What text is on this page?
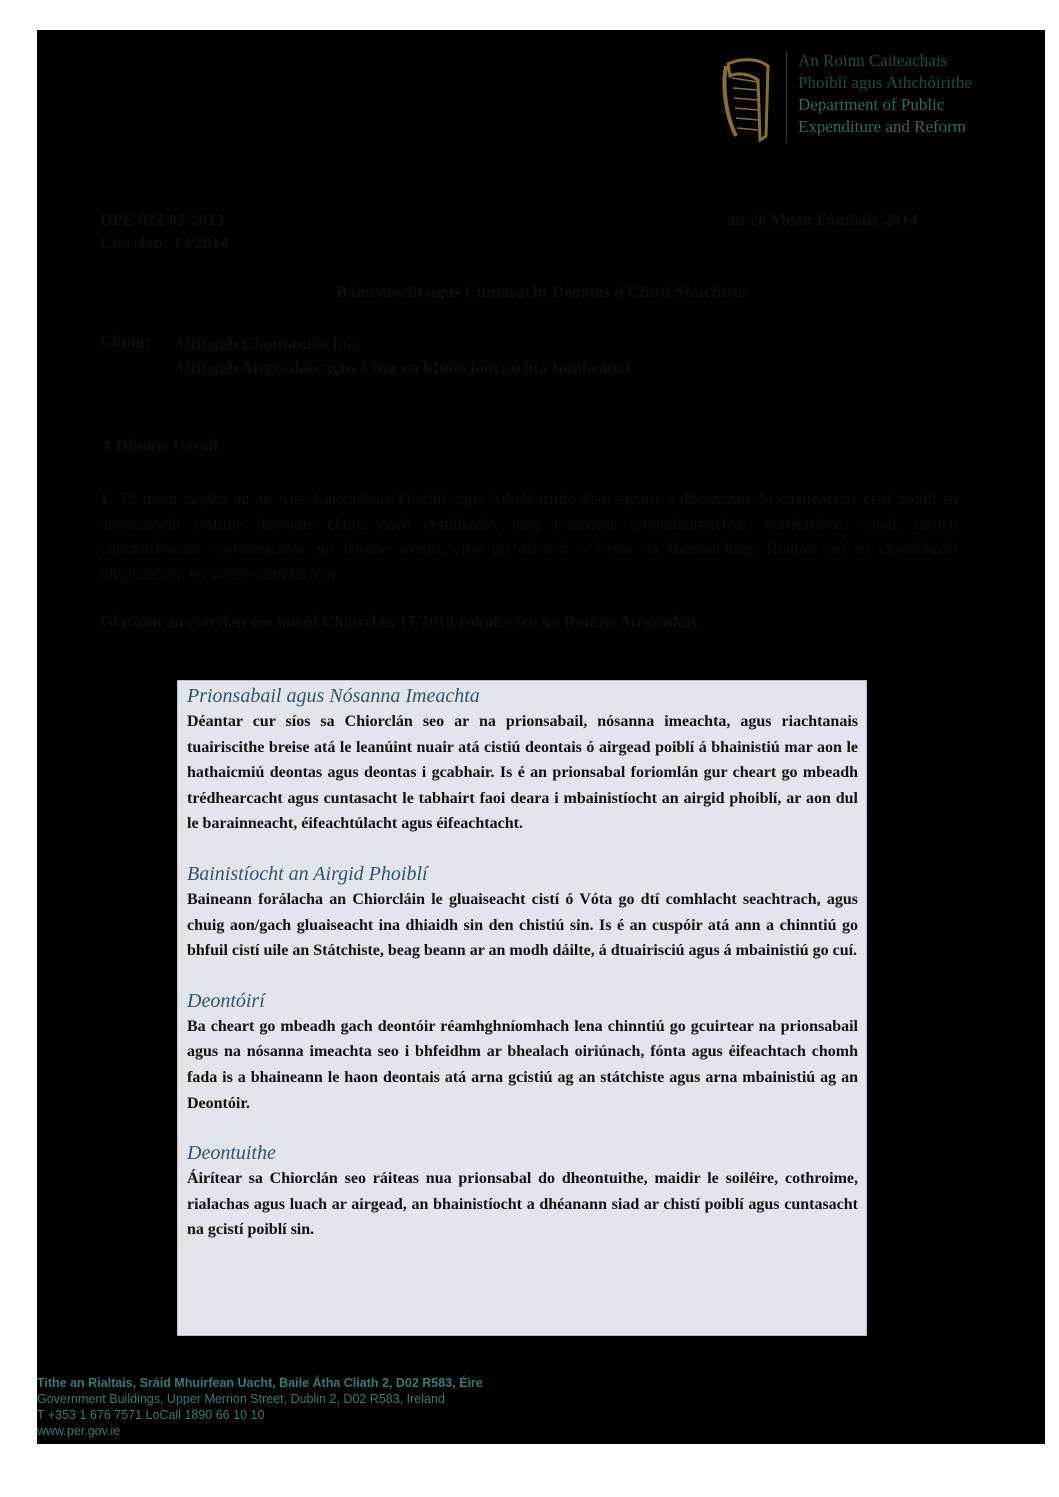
An Roinn Caiteachais
Phoiblí agus Athchóirithe
Department of Public
Expenditure and Reform
DPE 022/05/2013
Ciorclán: 13/2014
an 26 Meán Fómhair 2014
Bainistíocht agus Cuntasacht Deontas ó Chistí Státchiste
Chuig: Oifigigh Chuntasaíochta,
Oifigigh Airgeadais agus Cinn na hIniúchóireachta Inmheánaí.
A Dhuine Uasail,
1. Tá treoir tugtha ag an Aire Caiteachais Phoiblí agus Athchóirithe dom tagairt a dhéanamh do chaiteachas cistí poiblí trí eisíocaíocht cistithe deontais chuig gach comhlacht, lena n-áirítear gníomhaireachtaí, cuideachtaí, coistí, grúpaí comhairleacha, carthanachtaí, nó daoine aonair, cibé go díreach ó Vótaí na Ranna/Oifigí Rialtais nó trí chomhlacht idirghabhála nó sraith comhlachtaí.
Glacann an ciorclán seo ionad Chiorclán 17/2010 roimhe seo na Roinne Airgeadais.

Prionsabail agus Nósanna Imeachta

Déantar cur síos sa Chiorclán seo ar na prionsabail, nósanna imeachta, agus riachtanais tuairiscithe breise atá le leanúint nuair atá cistiú deontais ó airgead poiblí á bhainistiú mar aon le hathaicmiú deontas agus deontas i gcabhair. Is é an prionsabal foriomlán gur cheart go mbeadh trédhearcacht agus cuntasacht le tabhairt faoi deara i mbainistíocht an airgid phoiblí, ar aon dul le barainneacht, éifeachtúlacht agus éifeachtacht.

Bainistíocht an Airgid Phoiblí

Baineann forálacha an Chiorcláin le gluaiseacht cistí ó Vóta go dtí comhlacht seachtrach, agus chuig aon/gach gluaiseacht ina dhiaidh sin den chistiú sin. Is é an cuspóir atá ann a chinntiú go bhfuil cistí uile an Státchiste, beag beann ar an modh dáilte, á dtuairisciú agus á mbainistiú go cuí.

Deontóirí

Ba cheart go mbeadh gach deontóir réamhghníomhach lena chinntiú go gcuirtear na prionsabail agus na nósanna imeachta seo i bhfeidhm ar bhealach oiriúnach, fónta agus éifeachtach chomh fada is a bhaineann le haon deontais atá arna gcistiú ag an státchiste agus arna mbainistiú ag an Deontóir.

Deontuithe

Áirítear sa Chiorclán seo ráiteas nua prionsabal do dheontuithe, maidir le soiléire, cothroime, rialachas agus luach ar airgead, an bhainistíocht a dhéanann siad ar chistí poiblí agus cuntasacht na gcistí poiblí sin.

Tithe an Rialtais, Sráid Mhuirfean Uacht, Baile Átha Cliath 2, D02 R583, Éire
Government Buildings, Upper Merrion Street, Dublin 2, D02 R583, Ireland
T +353 1 676 7571 LoCall 1890 66 10 10
www.per.gov.ie
